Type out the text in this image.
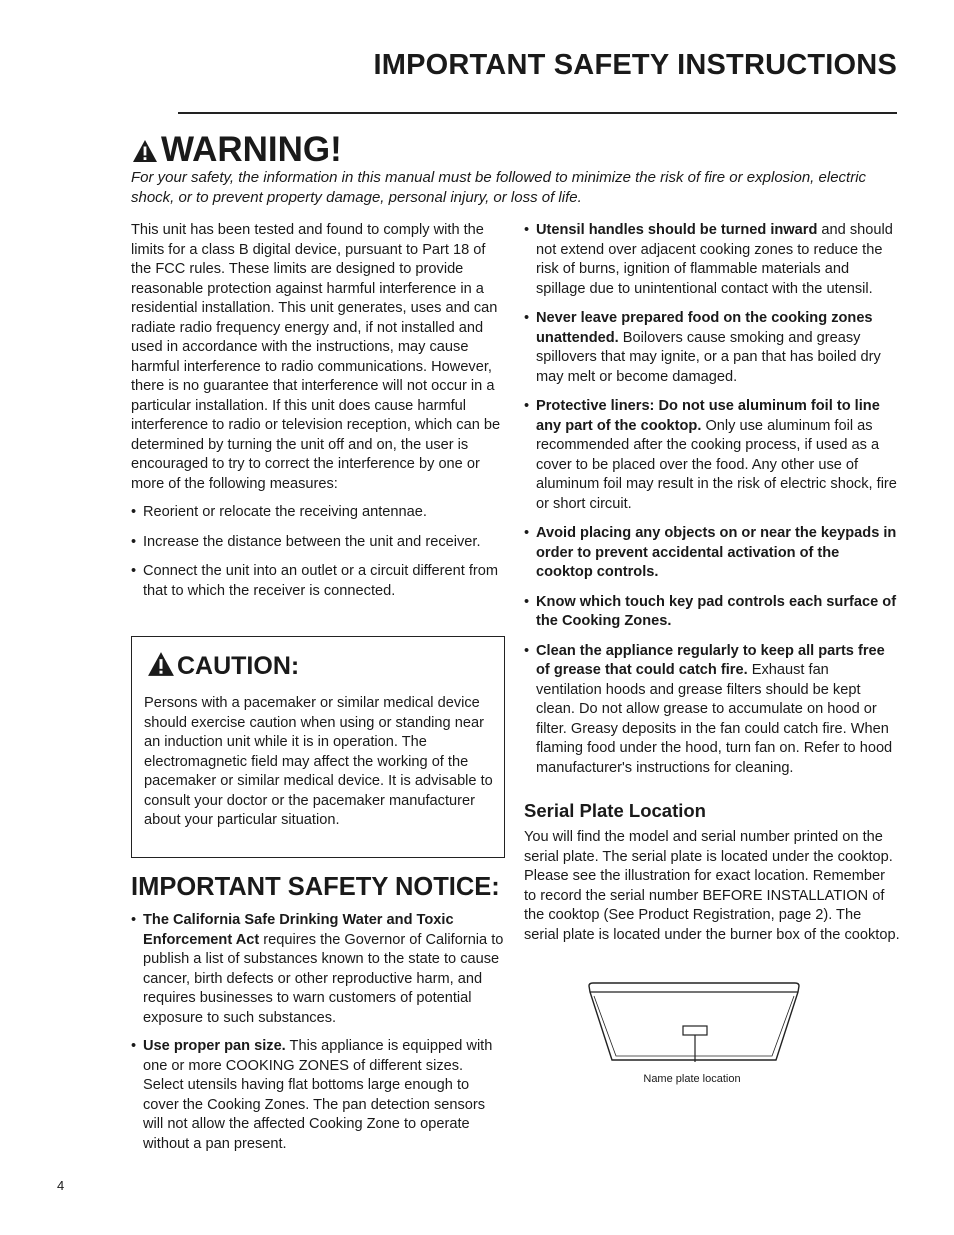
IMPORTANT SAFETY INSTRUCTIONS
WARNING!
For your safety, the information in this manual must be followed to minimize the risk of fire or explosion, electric shock, or to prevent property damage, personal injury, or loss of life.

This unit has been tested and found to comply with the limits for a class B digital device, pursuant to Part 18 of the FCC rules. These limits are designed to provide reasonable protection against harmful interference in a residential installation. This unit generates, uses and can radiate radio frequency energy and, if not installed and used in accordance with the instructions, may cause harmful interference to radio communications. However, there is no guarantee that interference will not occur in a particular installation. If this unit does cause harmful interference to radio or television reception, which can be determined by turning the unit off and on, the user is encouraged to try to correct the interference by one or more of the following measures:

• Reorient or relocate the receiving antennae.

• Increase the distance between the unit and receiver.

• Connect the unit into an outlet or a circuit different from that to which the receiver is connected.

CAUTION:
Persons with a pacemaker or similar medical device should exercise caution when using or standing near an induction unit while it is in operation. The electromagnetic field may affect the working of the pacemaker or similar medical device. It is advisable to consult your doctor or the pacemaker manufacturer about your particular situation.
IMPORTANT SAFETY NOTICE:

• The California Safe Drinking Water and Toxic Enforcement Act requires the Governor of California to publish a list of substances known to the state to cause cancer, birth defects or other reproductive harm, and requires businesses to warn customers of potential exposure to such substances.

• Use proper pan size. This appliance is equipped with one or more COOKING ZONES of different sizes. Select utensils having flat bottoms large enough to cover the Cooking Zones. The pan detection sensors will not allow the affected Cooking Zone to operate without a pan present.

• Utensil handles should be turned inward and should not extend over adjacent cooking zones to reduce the risk of burns, ignition of flammable materials and spillage due to unintentional contact with the utensil.

• Never leave prepared food on the cooking zones unattended. Boilovers cause smoking and greasy spillovers that may ignite, or a pan that has boiled dry may melt or become damaged.

• Protective liners: Do not use aluminum foil to line any part of the cooktop. Only use aluminum foil as recommended after the cooking process, if used as a cover to be placed over the food. Any other use of aluminum foil may result in the risk of electric shock, fire or short circuit.

• Avoid placing any objects on or near the keypads in order to prevent accidental activation of the cooktop controls.

• Know which touch key pad controls each surface of the Cooking Zones.

• Clean the appliance regularly to keep all parts free of grease that could catch fire. Exhaust fan ventilation hoods and grease filters should be kept clean. Do not allow grease to accumulate on hood or filter. Greasy deposits in the fan could catch fire. When flaming food under the hood, turn fan on. Refer to hood manufacturer's instructions for cleaning.

Serial Plate Location
You will find the model and serial number printed on the serial plate. The serial plate is located under the cooktop. Please see the illustration for exact location. Remember to record the serial number BEFORE INSTALLATION of the cooktop (See Product Registration, page 2). The serial plate is located under the burner box of the cooktop.
Name plate location
4
